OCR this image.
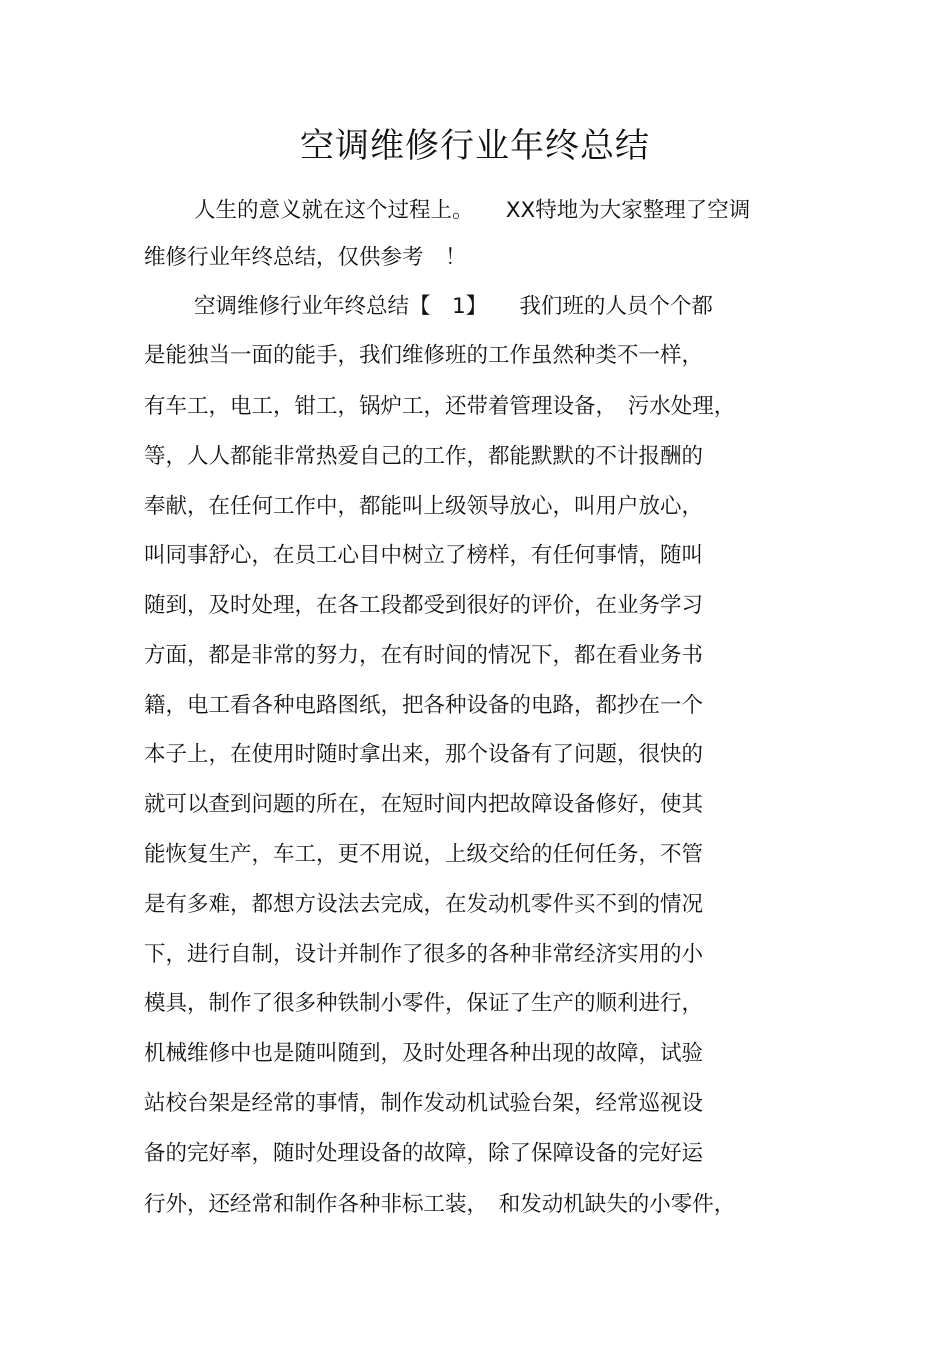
空调维修行业年终总结
人生的意义就在这个过程上。　　XX特地为大家整理了空调
维修行业年终总结，仅供参考　！
空调维修行业年终总结【　1】　　我们班的人员个个都
是能独当一面的能手，我们维修班的工作虽然种类不一样，
有车工，电工，钳工，锅炉工，还带着管理设备，　污水处理，
等，人人都能非常热爱自己的工作，都能默默的不计报酬的
奉献，在任何工作中，都能叫上级领导放心，叫用户放心，
叫同事舒心，在员工心目中树立了榜样，有任何事情，随叫
随到，及时处理，在各工段都受到很好的评价，在业务学习
方面，都是非常的努力，在有时间的情况下，都在看业务书
籍，电工看各种电路图纸，把各种设备的电路，都抄在一个
本子上，在使用时随时拿出来，那个设备有了问题，很快的
就可以查到问题的所在，在短时间内把故障设备修好，使其
能恢复生产，车工，更不用说，上级交给的任何任务，不管
是有多难，都想方设法去完成，在发动机零件买不到的情况
下，进行自制，设计并制作了很多的各种非常经济实用的小
模具，制作了很多种铁制小零件，保证了生产的顺利进行，
机械维修中也是随叫随到，及时处理各种出现的故障，试验
站校台架是经常的事情，制作发动机试验台架，经常巡视设
备的完好率，随时处理设备的故障，除了保障设备的完好运
行外，还经常和制作各种非标工装，　和发动机缺失的小零件，
